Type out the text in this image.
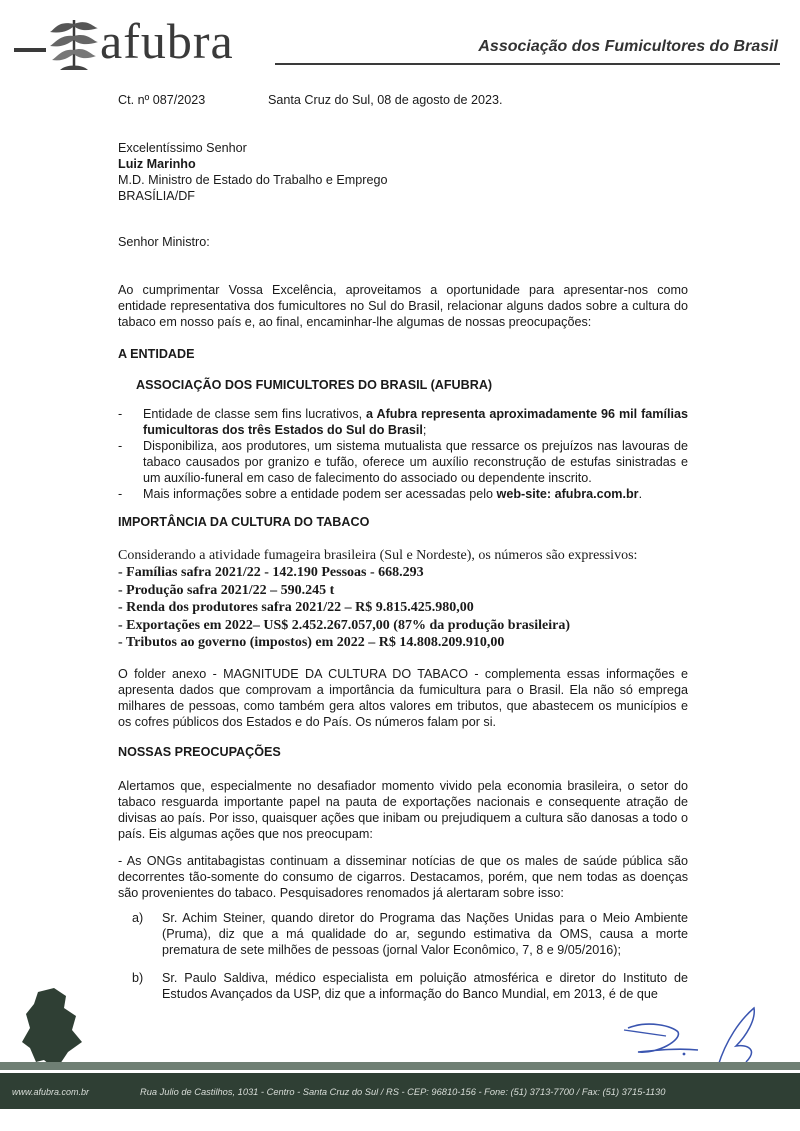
afubra	Associação dos Fumicultores do Brasil
Ct. nº 087/2023	Santa Cruz do Sul, 08 de agosto de 2023.
Excelentíssimo Senhor
Luiz Marinho
M.D. Ministro de Estado do Trabalho e Emprego
BRASÍLIA/DF
Senhor Ministro:

Ao cumprimentar Vossa Excelência, aproveitamos a oportunidade para apresentar-nos como entidade representativa dos fumicultores no Sul do Brasil, relacionar alguns dados sobre a cultura do tabaco em nosso país e, ao final, encaminhar-lhe algumas de nossas preocupações:

A ENTIDADE
ASSOCIAÇÃO DOS FUMICULTORES DO BRASIL (AFUBRA)
- Entidade de classe sem fins lucrativos, a Afubra representa aproximadamente 96 mil famílias fumicultoras dos três Estados do Sul do Brasil;
- Disponibiliza, aos produtores, um sistema mutualista que ressarce os prejuízos nas lavouras de tabaco causados por granizo e tufão, oferece um auxílio reconstrução de estufas sinistradas e um auxílio-funeral em caso de falecimento do associado ou dependente inscrito.
- Mais informações sobre a entidade podem ser acessadas pelo web-site: afubra.com.br.
IMPORTÂNCIA DA CULTURA DO TABACO

Considerando a atividade fumageira brasileira (Sul e Nordeste), os números são expressivos:

- Famílias safra 2021/22 - 142.190 Pessoas - 668.293
- Produção safra 2021/22 – 590.245 t
- Renda dos produtores safra 2021/22 – R$ 9.815.425.980,00
- Exportações em 2022– US$ 2.452.267.057,00 (87% da produção brasileira)
- Tributos ao governo (impostos) em 2022 – R$ 14.808.209.910,00

O folder anexo - MAGNITUDE DA CULTURA DO TABACO - complementa essas informações e apresenta dados que comprovam a importância da fumicultura para o Brasil. Ela não só emprega milhares de pessoas, como também gera altos valores em tributos, que abastecem os municípios e os cofres públicos dos Estados e do País. Os números falam por si.

NOSSAS PREOCUPAÇÕES

Alertamos que, especialmente no desafiador momento vivido pela economia brasileira, o setor do tabaco resguarda importante papel na pauta de exportações nacionais e consequente atração de divisas ao país. Por isso, quaisquer ações que inibam ou prejudiquem a cultura são danosas a todo o país. Eis algumas ações que nos preocupam:

- As ONGs antitabagistas continuam a disseminar notícias de que os males de saúde pública são decorrentes tão-somente do consumo de cigarros. Destacamos, porém, que nem todas as doenças são provenientes do tabaco. Pesquisadores renomados já alertaram sobre isso:

a) Sr. Achim Steiner, quando diretor do Programa das Nações Unidas para o Meio Ambiente (Pruma), diz que a má qualidade do ar, segundo estimativa da OMS, causa a morte prematura de sete milhões de pessoas (jornal Valor Econômico, 7, 8 e 9/05/2016);
b) Sr. Paulo Saldiva, médico especialista em poluição atmosférica e diretor do Instituto de Estudos Avançados da USP, diz que a informação do Banco Mundial, em 2013, é de que
www.afubra.com.br	Rua Julio de Castilhos, 1031 - Centro - Santa Cruz do Sul / RS - CEP: 96810-156 - Fone: (51) 3713-7700 / Fax: (51) 3715-1130
